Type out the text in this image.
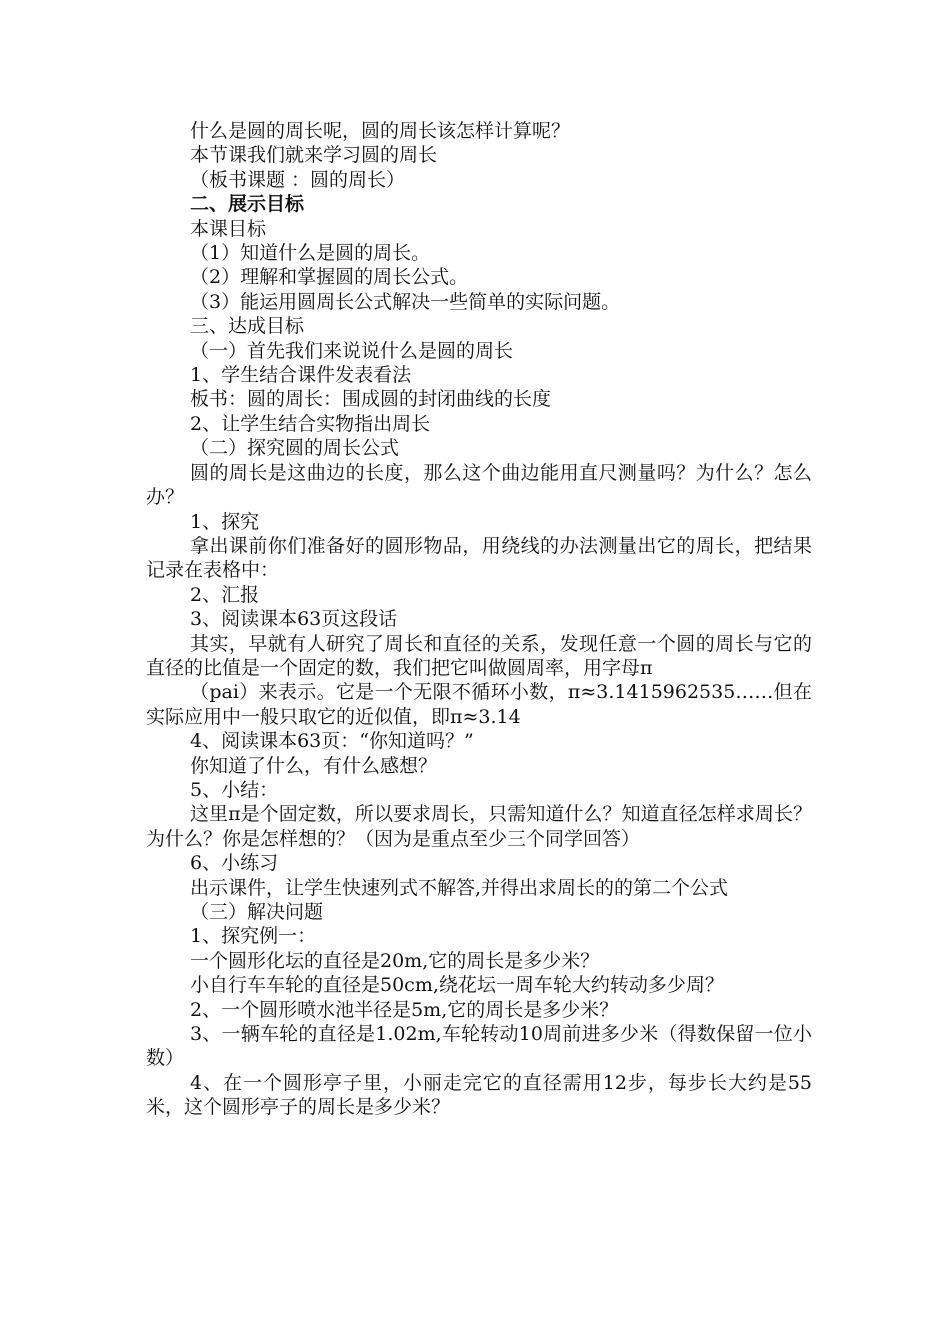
什么是圆的周长呢，圆的周长该怎样计算呢？

本节课我们就来学习圆的周长

（板书课题 ：圆的周长）

二、展示目标

本课目标

（1）知道什么是圆的周长。

（2）理解和掌握圆的周长公式。

（3）能运用圆周长公式解决一些简单的实际问题。

三、达成目标

（一）首先我们来说说什么是圆的周长

1、学生结合课件发表看法

板书：圆的周长：围成圆的封闭曲线的长度

2、让学生结合实物指出周长

（二）探究圆的周长公式

圆的周长是这曲边的长度，那么这个曲边能用直尺测量吗？为什么？怎么办？

1、探究

拿出课前你们准备好的圆形物品，用绕线的办法测量出它的周长，把结果记录在表格中：

2、汇报

3、阅读课本63页这段话

其实，早就有人研究了周长和直径的关系，发现任意一个圆的周长与它的直径的比值是一个固定的数，我们把它叫做圆周率，用字母π

（pai）来表示。它是一个无限不循环小数，π≈3.1415962535……但在实际应用中一般只取它的近似值，即π≈3.14

4、阅读课本63页：“你知道吗？”

你知道了什么，有什么感想？

5、小结：

这里π是个固定数，所以要求周长，只需知道什么？知道直径怎样求周长？为什么？你是怎样想的？（因为是重点至少三个同学回答）

6、小练习

出示课件，让学生快速列式不解答,并得出求周长的的第二个公式

（三）解决问题

1、探究例一：

一个圆形化坛的直径是20m,它的周长是多少米？

小自行车车轮的直径是50cm,绕花坛一周车轮大约转动多少周？

2、一个圆形喷水池半径是5m,它的周长是多少米？

3、一辆车轮的直径是1.02m,车轮转动10周前进多少米（得数保留一位小数）

4、在一个圆形亭子里，小丽走完它的直径需用12步，每步长大约是55米，这个圆形亭子的周长是多少米？
